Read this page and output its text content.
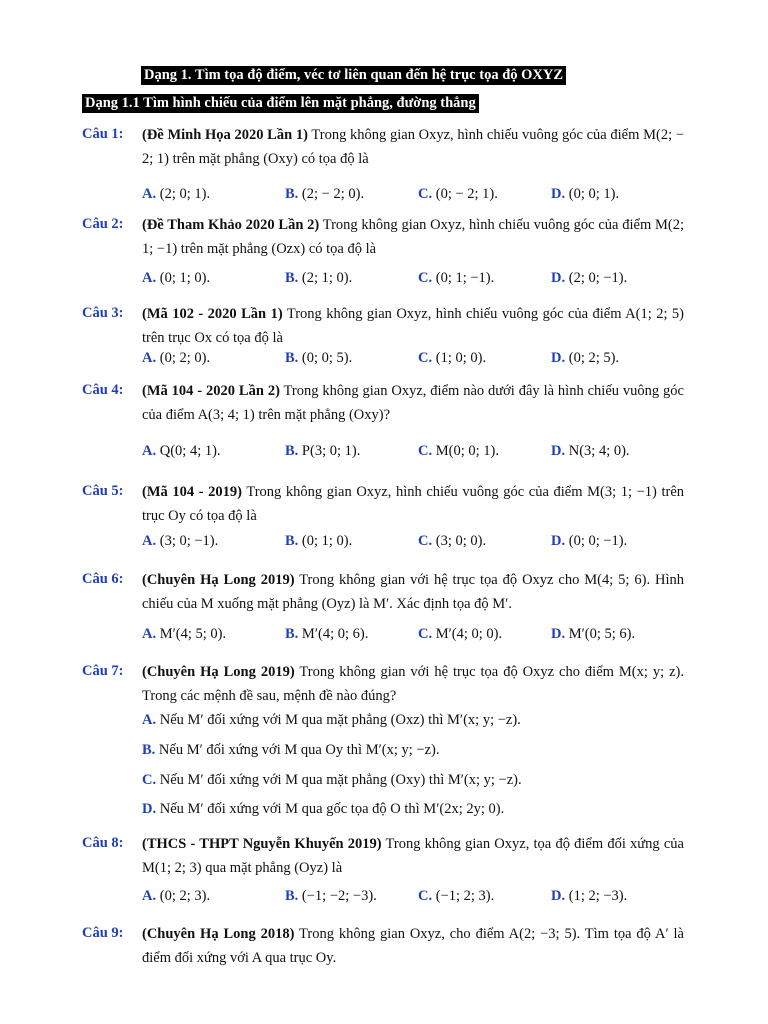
Dạng 1. Tìm tọa độ điểm, véc tơ liên quan đến hệ trục tọa độ OXYZ
Dạng 1.1 Tìm hình chiếu của điểm lên mặt phẳng, đường thẳng
Câu 1: (Đề Minh Họa 2020 Lần 1) Trong không gian Oxyz, hình chiếu vuông góc của điểm M(2; − 2; 1) trên mặt phẳng (Oxy) có tọa độ là
A. (2; 0; 1).	B. (2; − 2; 0).	C. (0; − 2; 1).	D. (0; 0; 1).
Câu 2: (Đề Tham Khảo 2020 Lần 2) Trong không gian Oxyz, hình chiếu vuông góc của điểm M(2; 1; −1) trên mặt phẳng (Ozx) có tọa độ là
A. (0; 1; 0).	B. (2; 1; 0).	C. (0; 1; −1).	D. (2; 0; −1).
Câu 3: (Mã 102 - 2020 Lần 1) Trong không gian Oxyz, hình chiếu vuông góc của điểm A(1; 2; 5) trên trục Ox có tọa độ là
A. (0; 2; 0).	B. (0; 0; 5).	C. (1; 0; 0).	D. (0; 2; 5).
Câu 4: (Mã 104 - 2020 Lần 2) Trong không gian Oxyz, điểm nào dưới đây là hình chiếu vuông góc của điểm A(3; 4; 1) trên mặt phẳng (Oxy)?
A. Q(0; 4; 1).	B. P(3; 0; 1).	C. M(0; 0; 1).	D. N(3; 4; 0).
Câu 5: (Mã 104 - 2019) Trong không gian Oxyz, hình chiếu vuông góc của điểm M(3; 1; −1) trên trục Oy có tọa độ là
A. (3; 0; −1).	B. (0; 1; 0).	C. (3; 0; 0).	D. (0; 0; −1).
Câu 6: (Chuyên Hạ Long 2019) Trong không gian với hệ trục tọa độ Oxyz cho M(4; 5; 6). Hình chiếu của M xuống mặt phẳng (Oyz) là M′. Xác định tọa độ M′.
A. M′(4; 5; 0).	B. M′(4; 0; 6).	C. M′(4; 0; 0).	D. M′(0; 5; 6).
Câu 7: (Chuyên Hạ Long 2019) Trong không gian với hệ trục tọa độ Oxyz cho điểm M(x; y; z). Trong các mệnh đề sau, mệnh đề nào đúng?
A. Nếu M′ đối xứng với M qua mặt phẳng (Oxz) thì M′(x; y; −z).
B. Nếu M′ đối xứng với M qua Oy thì M′(x; y; −z).
C. Nếu M′ đối xứng với M qua mặt phẳng (Oxy) thì M′(x; y; −z).
D. Nếu M′ đối xứng với M qua gốc tọa độ O thì M′(2x; 2y; 0).
Câu 8: (THCS - THPT Nguyễn Khuyến 2019) Trong không gian Oxyz, tọa độ điểm đối xứng của M(1; 2; 3) qua mặt phẳng (Oyz) là
A. (0; 2; 3).	B. (−1; −2; −3).	C. (−1; 2; 3).	D. (1; 2; −3).
Câu 9: (Chuyên Hạ Long 2018) Trong không gian Oxyz, cho điểm A(2; −3; 5). Tìm tọa độ A′ là điểm đối xứng với A qua trục Oy.
